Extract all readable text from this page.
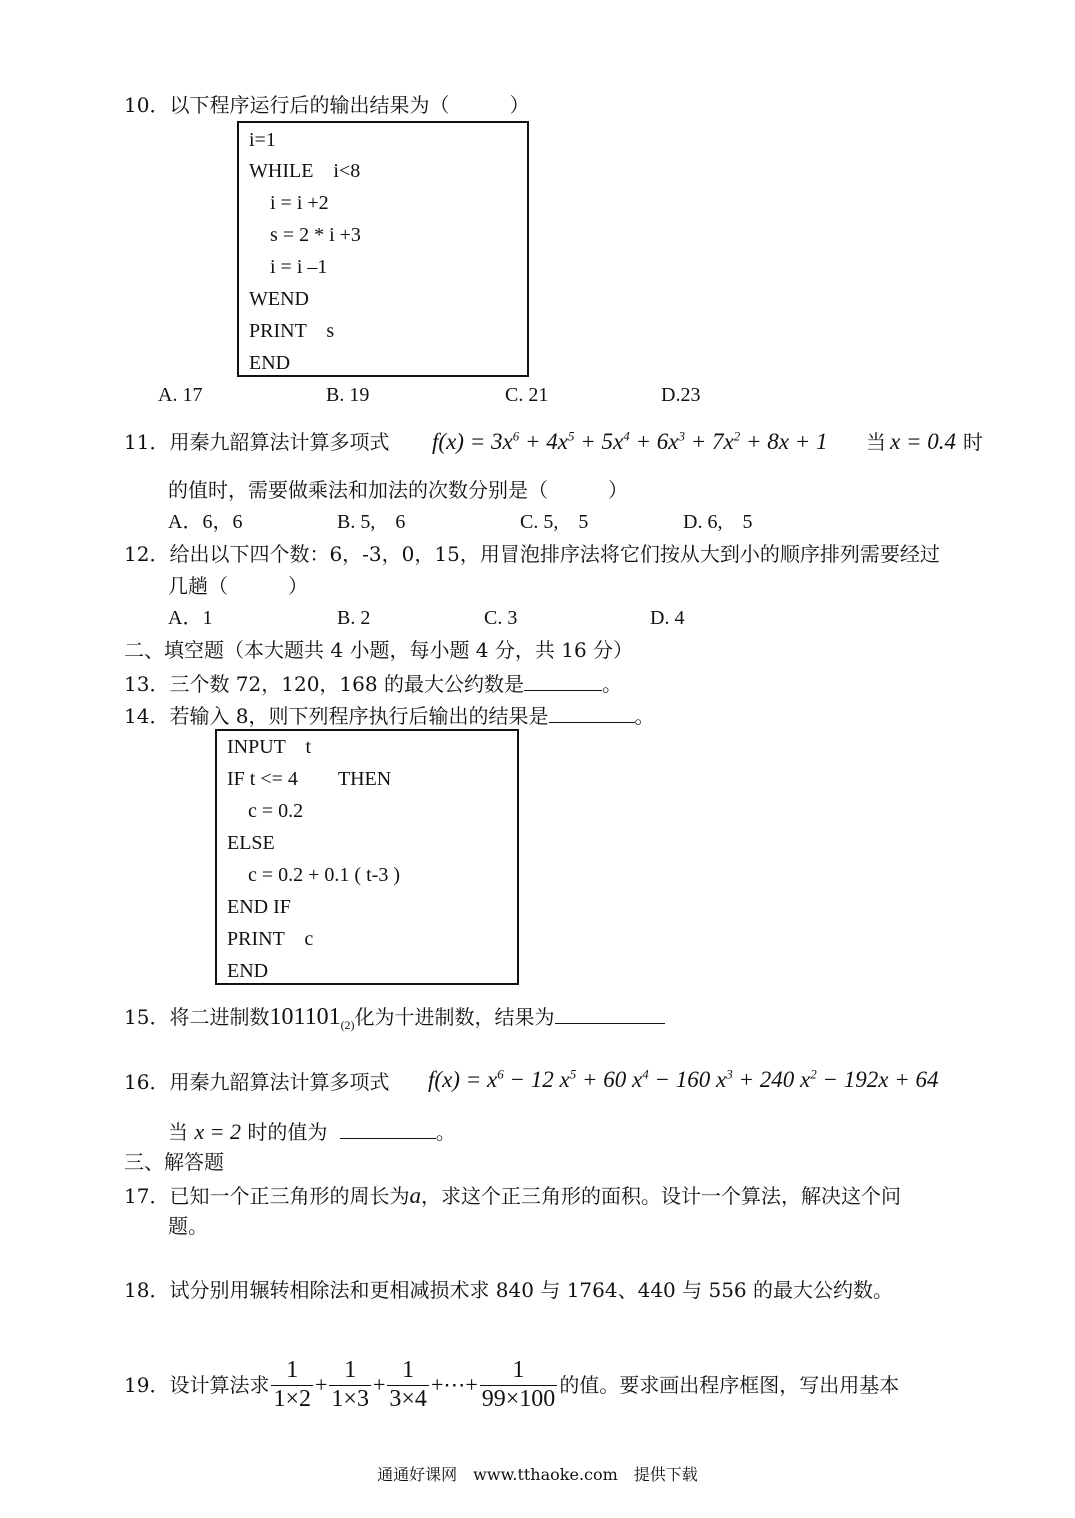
10．以下程序运行后的输出结果为（　　　）
i=1
WHILE　i<8
i = i +2
s = 2 * i +3
i = i –1
WEND
PRINT　s
END
A. 17	B. 19	C. 21	D.23
11．用秦九韶算法计算多项式 $f(x) = 3x^6 + 4x^5 + 5x^4 + 6x^3 + 7x^2 + 8x + 1$ 当 x = 0.4 时
的值时，需要做乘法和加法的次数分别是（　　　）
A．6，6	B. 5,　6	C. 5,　5	D. 6,　5
12．给出以下四个数：6，-3，0，15，用冒泡排序法将它们按从大到小的顺序排列需要经过
几趟（　　　）
A．1	B. 2	C. 3	D. 4
二、填空题（本大题共 4 小题，每小题 4 分，共 16 分）
13．三个数 72，120，168 的最大公约数是	。
14．若输入 8，则下列程序执行后输出的结果是	。
INPUT　t
IF t <= 4　　THEN
c = 0.2
ELSE
c = 0.2 + 0.1 ( t-3 )
END IF
PRINT　c
END
15．将二进制数$101101_{(2)}$化为十进制数，结果为
16．用秦九韶算法计算多项式 $f(x) = x^6 - 12$ $x^5 + 60$ $x^4 - 160$ $x^3 + 240$ $x^2 - 192x + 64$
当 x = 2 时的值为	。
三、解答题
17．已知一个正三角形的周长为a，求这个正三角形的面积。设计一个算法，解决这个问
题。
18．试分别用辗转相除法和更相减损术求 840 与 1764、440 与 556 的最大公约数。
19．设计算法求 $\frac{1}{1\times 2} + \frac{1}{1\times 3} + \frac{1}{3\times 4}$ +⋯+ $\frac{1}{99\times 100}$ 的值。要求画出程序框图，写出用基本
通通好课网　www.tthaoke.com　提供下载
